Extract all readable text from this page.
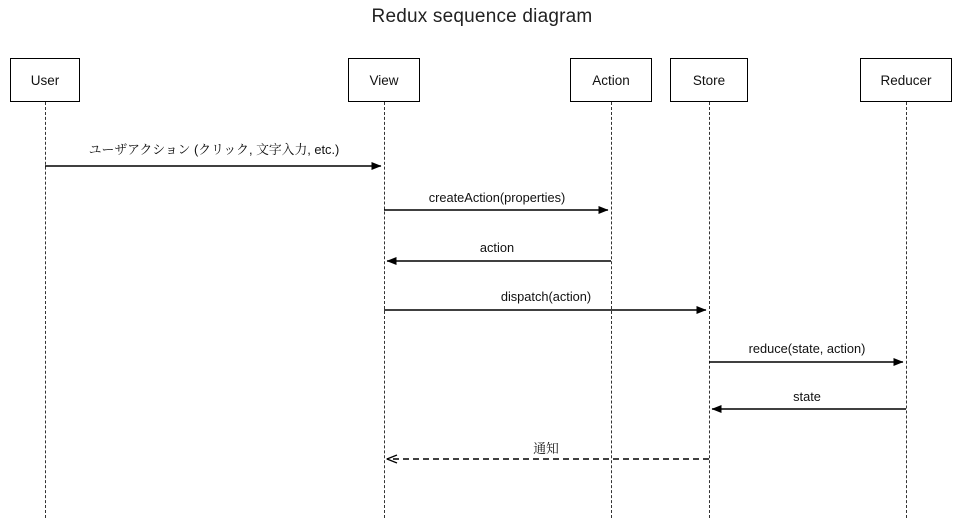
Redux sequence diagram
User	View	Action	Store	Reducer
ユーザアクション (クリック, 文字入力, etc.)
createAction(properties)
action
dispatch(action)
reduce(state, action)
state
通知
